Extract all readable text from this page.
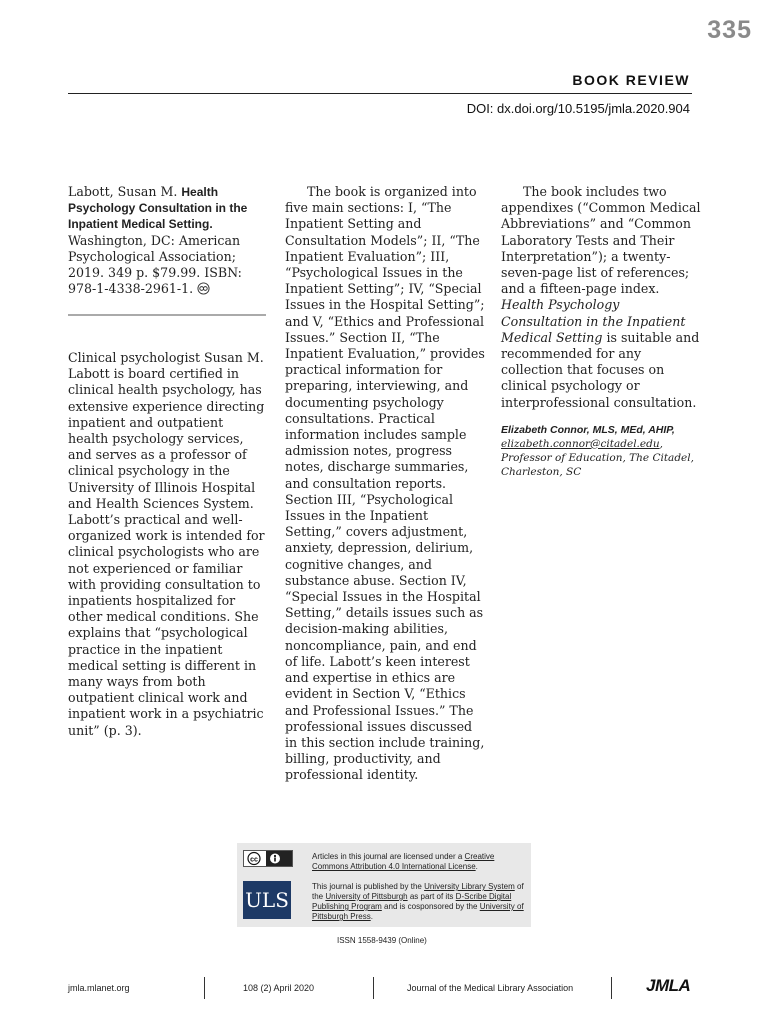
335
BOOK REVIEW
DOI: dx.doi.org/10.5195/jmla.2020.904
Labott, Susan M. Health Psychology Consultation in the Inpatient Medical Setting. Washington, DC: American Psychological Association; 2019. 349 p. $79.99. ISBN: 978-1-4338-2961-1.

Clinical psychologist Susan M. Labott is board certified in clinical health psychology, has extensive experience directing inpatient and outpatient health psychology services, and serves as a professor of clinical psychology in the University of Illinois Hospital and Health Sciences System. Labott’s practical and well-organized work is intended for clinical psychologists who are not experienced or familiar with providing consultation to inpatients hospitalized for other medical conditions. She explains that “psychological practice in the inpatient medical setting is different in many ways from both outpatient clinical work and inpatient work in a psychiatric unit” (p. 3).

The book is organized into five main sections: I, “The Inpatient Setting and Consultation Models”; II, “The Inpatient Evaluation”; III, “Psychological Issues in the Inpatient Setting”; IV, “Special Issues in the Hospital Setting”; and V, “Ethics and Professional Issues.” Section II, “The Inpatient Evaluation,” provides practical information for preparing, interviewing, and documenting psychology consultations. Practical information includes sample admission notes, progress notes, discharge summaries, and consultation reports. Section III, “Psychological Issues in the Inpatient Setting,” covers adjustment, anxiety, depression, delirium, cognitive changes, and substance abuse. Section IV, “Special Issues in the Hospital Setting,” details issues such as decision-making abilities, noncompliance, pain, and end of life. Labott’s keen interest and expertise in ethics are evident in Section V, “Ethics and Professional Issues.” The professional issues discussed in this section include training, billing, productivity, and professional identity.

The book includes two appendixes (“Common Medical Abbreviations” and “Common Laboratory Tests and Their Interpretation”); a twenty-seven-page list of references; and a fifteen-page index. Health Psychology Consultation in the Inpatient Medical Setting is suitable and recommended for any collection that focuses on clinical psychology or interprofessional consultation.

Elizabeth Connor, MLS, MEd, AHIP, elizabeth.connor@citadel.edu, Professor of Education, The Citadel, Charleston, SC
cc
ULS
Articles in this journal are licensed under a Creative Commons Attribution 4.0 International License.
This journal is published by the University Library System of the University of Pittsburgh as part of its D-Scribe Digital Publishing Program and is cosponsored by the University of Pittsburgh Press.
ISSN 1558-9439 (Online)
jmla.mlanet.org	108 (2) April 2020	Journal of the Medical Library Association	JMLA
